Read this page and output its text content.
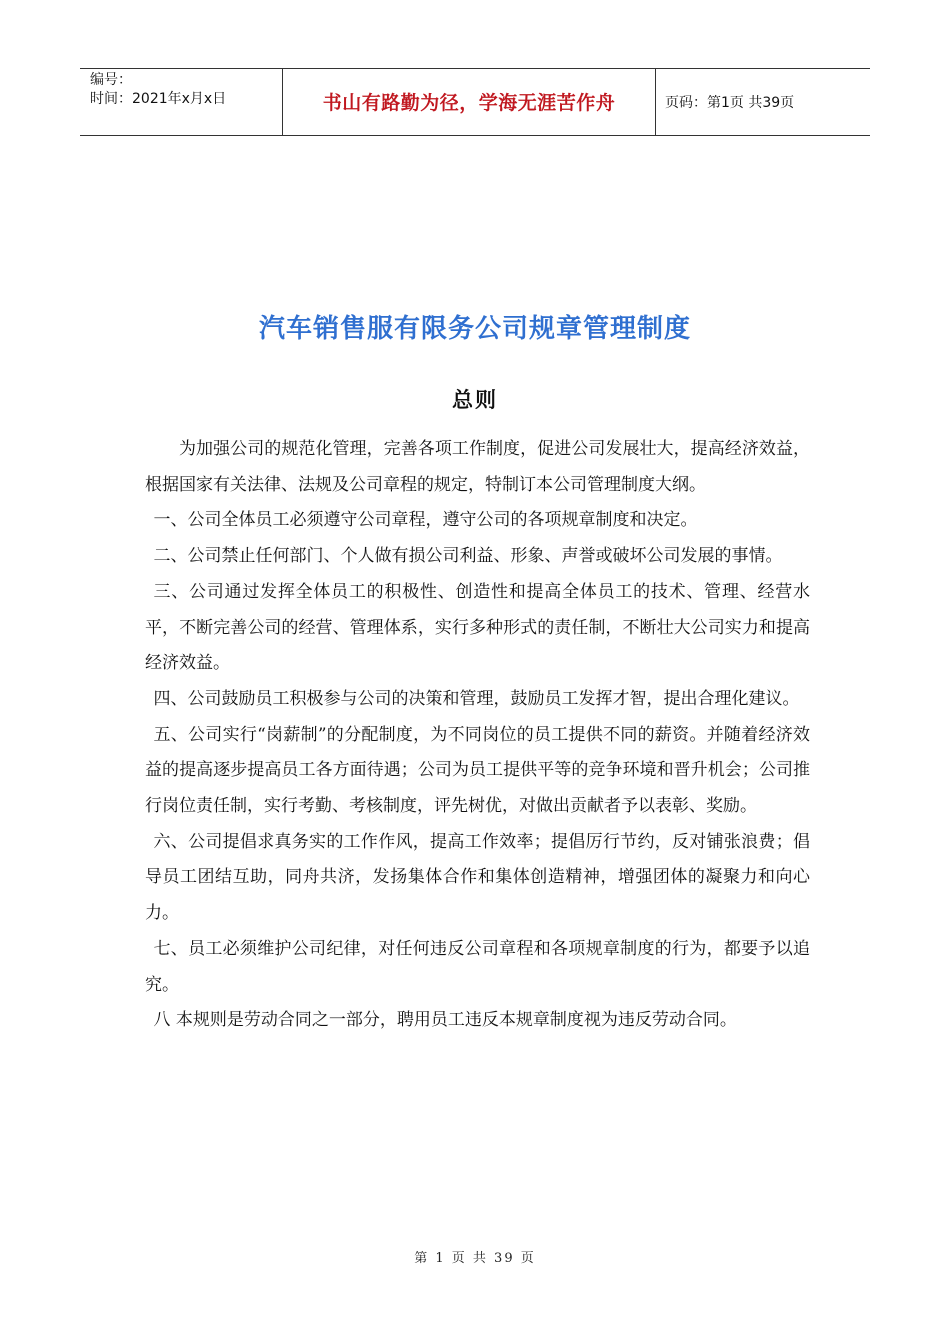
编号：
时间：2021年x月x日	书山有路勤为径，学海无涯苦作舟	页码：第1页 共39页
汽车销售服有限务公司规章管理制度
总则

为加强公司的规范化管理，完善各项工作制度，促进公司发展壮大，提高经济效益，根据国家有关法律、法规及公司章程的规定，特制订本公司管理制度大纲。

一、公司全体员工必须遵守公司章程，遵守公司的各项规章制度和决定。

二、公司禁止任何部门、个人做有损公司利益、形象、声誉或破坏公司发展的事情。

三、公司通过发挥全体员工的积极性、创造性和提高全体员工的技术、管理、经营水平，不断完善公司的经营、管理体系，实行多种形式的责任制，不断壮大公司实力和提高经济效益。

四、公司鼓励员工积极参与公司的决策和管理，鼓励员工发挥才智，提出合理化建议。

五、公司实行“岗薪制”的分配制度，为不同岗位的员工提供不同的薪资。并随着经济效益的提高逐步提高员工各方面待遇；公司为员工提供平等的竞争环境和晋升机会；公司推行岗位责任制，实行考勤、考核制度，评先树优，对做出贡献者予以表彰、奖励。

六、公司提倡求真务实的工作作风，提高工作效率；提倡厉行节约，反对铺张浪费；倡导员工团结互助，同舟共济，发扬集体合作和集体创造精神，增强团体的凝聚力和向心力。

七、员工必须维护公司纪律，对任何违反公司章程和各项规章制度的行为，都要予以追究。

八 本规则是劳动合同之一部分，聘用员工违反本规章制度视为违反劳动合同。

第 1 页 共 39 页
